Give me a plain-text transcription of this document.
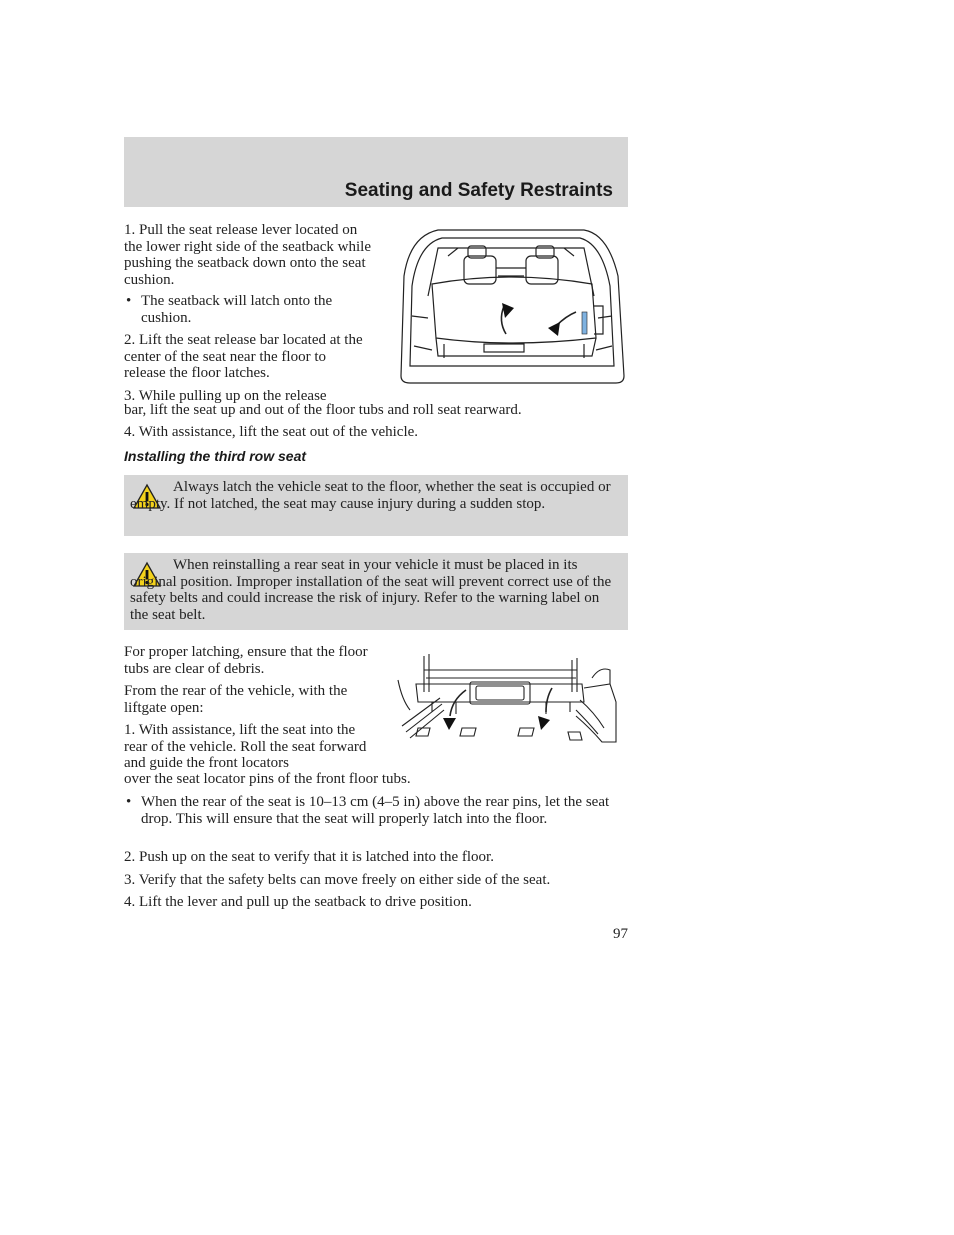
Seating and Safety Restraints

1. Pull the seat release lever located on the lower right side of the seatback while pushing the seatback down onto the seat cushion.

• The seatback will latch onto the cushion.

2. Lift the seat release bar located at the center of the seat near the floor to release the floor latches.

3. While pulling up on the release

bar, lift the seat up and out of the floor tubs and roll seat rearward.

4. With assistance, lift the seat out of the vehicle.

Installing the third row seat
Always latch the vehicle seat to the floor, whether the seat is occupied or empty. If not latched, the seat may cause injury during a sudden stop.
When reinstalling a rear seat in your vehicle it must be placed in its original position. Improper installation of the seat will prevent correct use of the safety belts and could increase the risk of injury. Refer to the warning label on the seat belt.

For proper latching, ensure that the floor tubs are clear of debris.

From the rear of the vehicle, with the liftgate open:

1. With assistance, lift the seat into the rear of the vehicle. Roll the seat forward and guide the front locators

over the seat locator pins of the front floor tubs.

• When the rear of the seat is 10–13 cm (4–5 in) above the rear pins, let the seat drop. This will ensure that the seat will properly latch into the floor.

2. Push up on the seat to verify that it is latched into the floor.

3. Verify that the safety belts can move freely on either side of the seat.

4. Lift the lever and pull up the seatback to drive position.

97
